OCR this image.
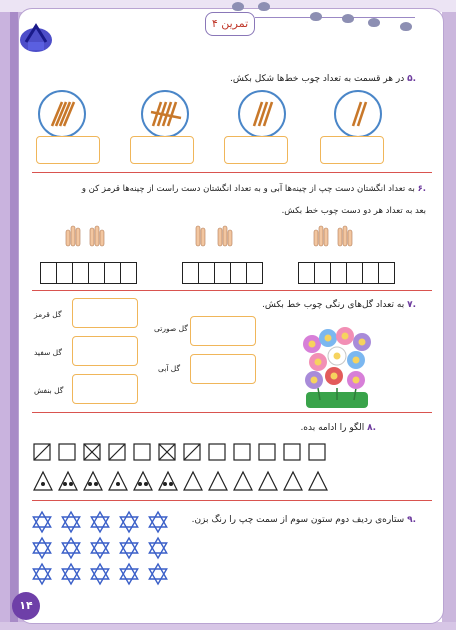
تمرین ۴
.۵ در هر قسمت به تعداد چوب خط‌ها شکل بکش.
.۶ به تعداد انگشتان دست چپ از چینه‌ها آبی و به تعداد انگشتان دست راست از چینه‌ها قرمز کن و
بعد به تعداد هر دو دست چوب خط بکش.
.۷ به تعداد گل‌های رنگی چوب خط بکش.
گل قرمز
گل سفید
گل بنفش
گل صورتی
گل آبی
.۸ الگو را ادامه بده.
.۹ ستاره‌ی ردیف دوم ستون سوم از سمت چپ را رنگ بزن.
۱۴
